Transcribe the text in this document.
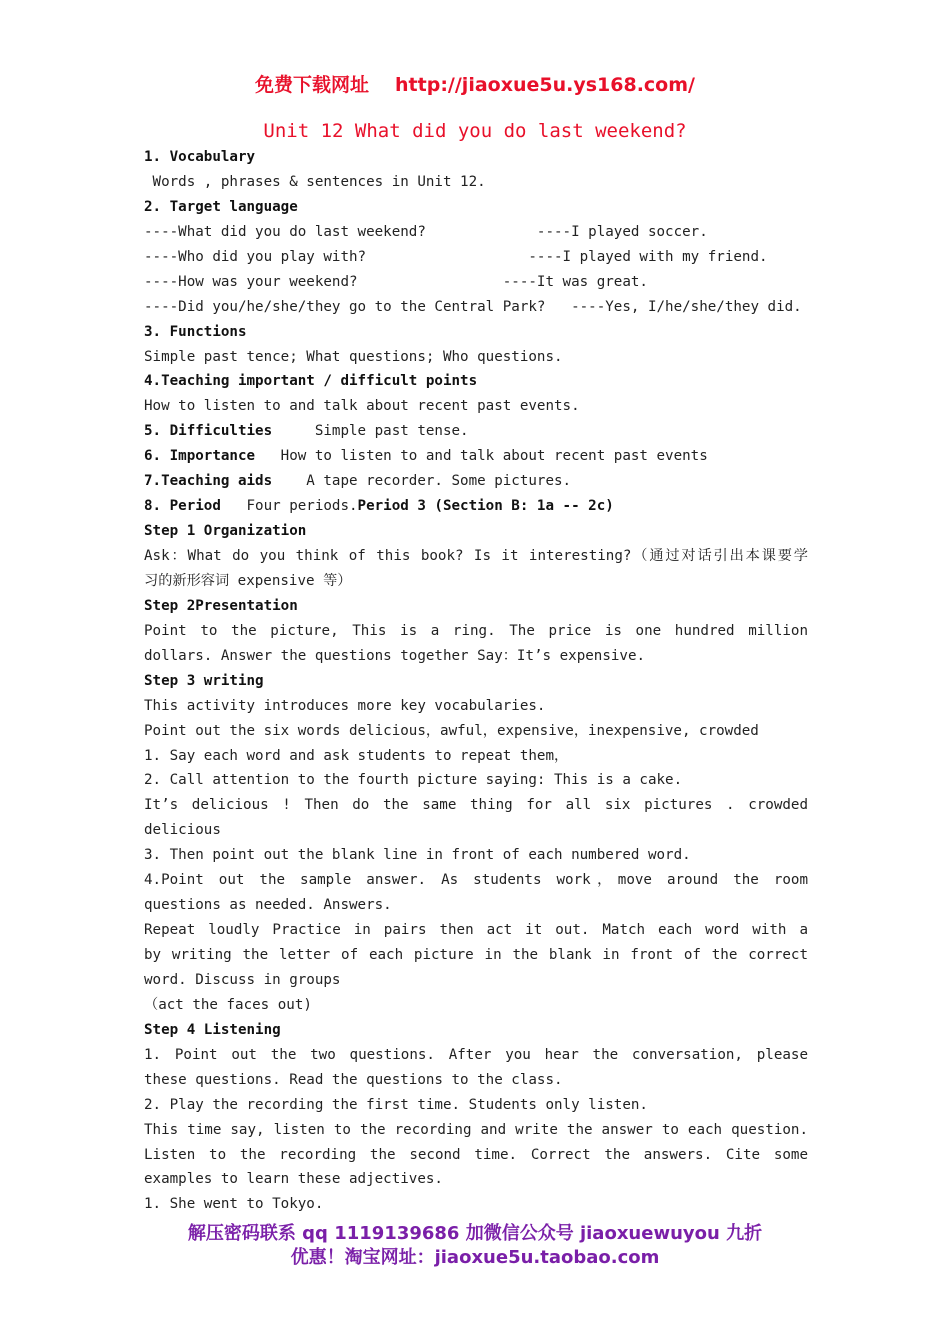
免费下载网址 http://jiaoxue5u.ys168.com/
Unit 12 What did you do last weekend?
1. Vocabulary
Words , phrases & sentences in Unit 12.
2. Target language
----What did you do last weekend?             ----I played soccer.
----Who did you play with?                   ----I played with my friend.
----How was your weekend?                 ----It was great.
----Did you/he/she/they go to the Central Park?   ----Yes, I/he/she/they did.
3. Functions
Simple past tence; What questions; Who questions.
4.Teaching important / difficult points
How to listen to and talk about recent past events.
5. Difficulties     Simple past tense.
6. Importance   How to listen to and talk about recent past events
7.Teaching aids    A tape recorder. Some pictures.
8. Period   Four periods.Period 3 (Section B: 1a -- 2c)
Step 1 Organization
Ask：What do you think of this book? Is it interesting?（通过对话引出本课要学
习的新形容词 expensive 等）
Step 2Presentation
Point to the picture, This is a ring. The price is one hundred million
dollars. Answer the questions together Say：It’s expensive.
Step 3 writing
This activity introduces more key vocabularies.
Point out the six words delicious，awful，expensive，inexpensive, crowded
1. Say each word and ask students to repeat them，
2. Call attention to the fourth picture saying: This is a cake.
It’s delicious ! Then do the same thing for all six pictures . crowded
delicious
3. Then point out the blank line in front of each numbered word.
4.Point out the sample answer. As students work，move around the room
questions as needed. Answers.
Repeat loudly Practice in pairs then act it out. Match each word with a
by writing the letter of each picture in the blank in front of the correct
word. Discuss in groups
（act the faces out)
Step 4 Listening
1. Point out the two questions. After you hear the conversation, please
these questions. Read the questions to the class.
2. Play the recording the first time. Students only listen.
This time say, listen to the recording and write the answer to each question.
Listen to the recording the second time. Correct the answers. Cite some
examples to learn these adjectives.
1. She went to Tokyo.
解压密码联系 qq 1119139686 加微信公众号 jiaoxuewuyou 九折
优惠！淘宝网址：jiaoxue5u.taobao.com
